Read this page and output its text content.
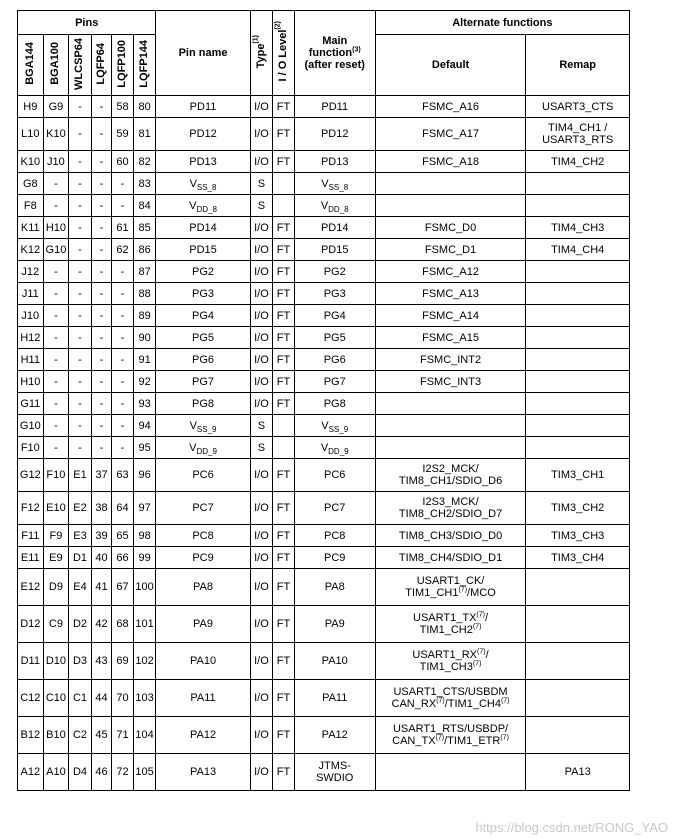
Pins						Pin name	Type$^{(1)}$	I / O Level$^{(2)}$	Main
function$^{(3)}$
(after reset)	Alternate functions	
BGA144	BGA100	WLCSP64	LQFP64	LQFP100	LQFP144					Default	Remap
H9	G9	-	-	58	80	PD11	I/O	FT	PD11	FSMC_A16	USART3_CTS
L10	K10	-	-	59	81	PD12	I/O	FT	PD12	FSMC_A17	TIM4_CH1 /
USART3_RTS
K10	J10	-	-	60	82	PD13	I/O	FT	PD13	FSMC_A18	TIM4_CH2
G8	-	-	-	-	83	$V_{SS\_8}$	S		$V_{SS\_8}$		
F8	-	-	-	-	84	$V_{DD\_8}$	S		$V_{DD\_8}$		
K11	H10	-	-	61	85	PD14	I/O	FT	PD14	FSMC_D0	TIM4_CH3
K12	G10	-	-	62	86	PD15	I/O	FT	PD15	FSMC_D1	TIM4_CH4
J12	-	-	-	-	87	PG2	I/O	FT	PG2	FSMC_A12	
J11	-	-	-	-	88	PG3	I/O	FT	PG3	FSMC_A13	
J10	-	-	-	-	89	PG4	I/O	FT	PG4	FSMC_A14	
H12	-	-	-	-	90	PG5	I/O	FT	PG5	FSMC_A15	
H11	-	-	-	-	91	PG6	I/O	FT	PG6	FSMC_INT2	
H10	-	-	-	-	92	PG7	I/O	FT	PG7	FSMC_INT3	
G11	-	-	-	-	93	PG8	I/O	FT	PG8		
G10	-	-	-	-	94	$V_{SS\_9}$	S		$V_{SS\_9}$		
F10	-	-	-	-	95	$V_{DD\_9}$	S		$V_{DD\_9}$		
G12	F10	E1	37	63	96	PC6	I/O	FT	PC6	I2S2_MCK/
TIM8_CH1/SDIO_D6	TIM3_CH1
F12	E10	E2	38	64	97	PC7	I/O	FT	PC7	I2S3_MCK/
TIM8_CH2/SDIO_D7	TIM3_CH2
F11	F9	E3	39	65	98	PC8	I/O	FT	PC8	TIM8_CH3/SDIO_D0	TIM3_CH3
E11	E9	D1	40	66	99	PC9	I/O	FT	PC9	TIM8_CH4/SDIO_D1	TIM3_CH4
E12	D9	E4	41	67	100	PA8	I/O	FT	PA8	USART1_CK/
TIM1_CH1$^{(7)}$/MCO	
D12	C9	D2	42	68	101	PA9	I/O	FT	PA9	USART1_TX$^{(7)}$/
TIM1_CH2$^{(7)}$	
D11	D10	D3	43	69	102	PA10	I/O	FT	PA10	USART1_RX$^{(7)}$/
TIM1_CH3$^{(7)}$	
C12	C10	C1	44	70	103	PA11	I/O	FT	PA11	USART1_CTS/USBDM
CAN_RX$^{(7)}$/TIM1_CH4$^{(7)}$	
B12	B10	C2	45	71	104	PA12	I/O	FT	PA12	USART1_RTS/USBDP/
CAN_TX$^{(7)}$/TIM1_ETR$^{(7)}$	
A12	A10	D4	46	72	105	PA13	I/O	FT	JTMS-
SWDIO		PA13
https://blog.csdn.net/RONG_YAO
